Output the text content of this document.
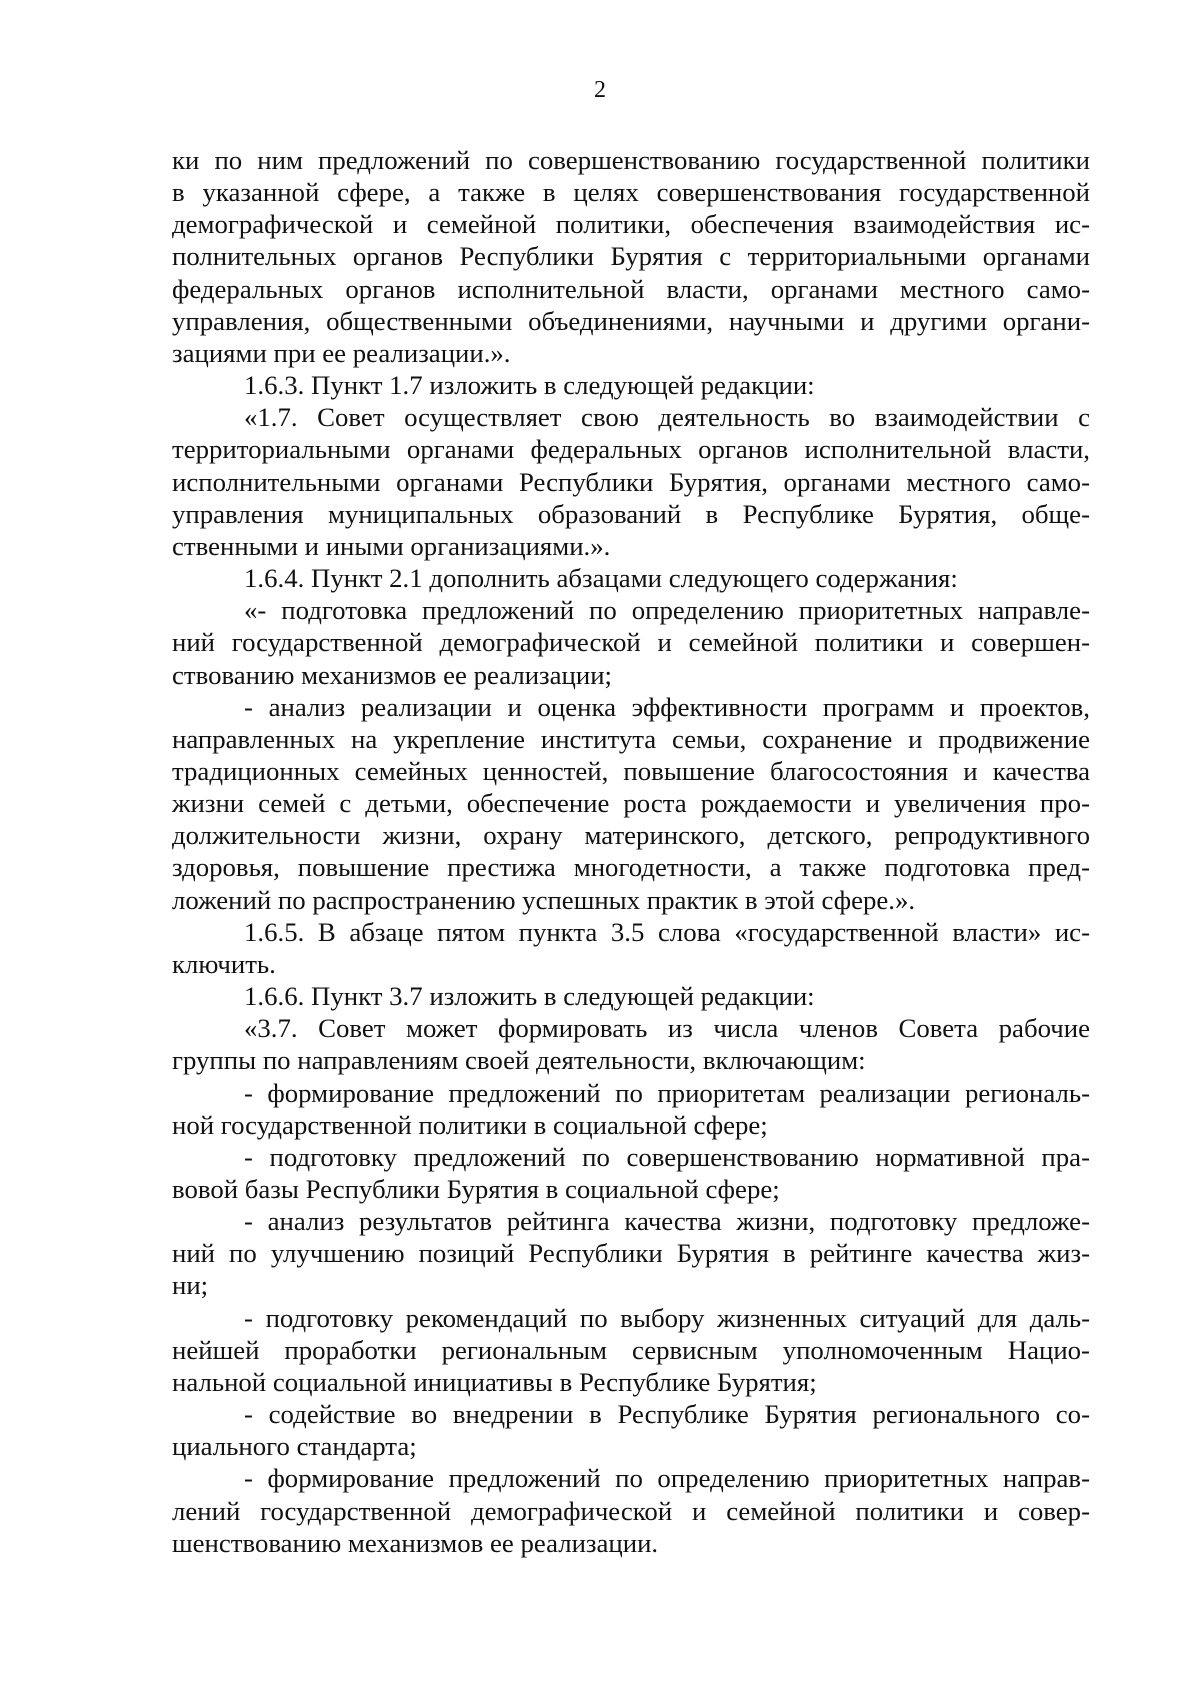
2

ки по ним предложений по совершенствованию государственной политики

в указанной сфере, а также в целях совершенствования государственной

демографической и семейной политики, обеспечения взаимодействия ис-

полнительных органов Республики Бурятия с территориальными органами

федеральных органов исполнительной власти, органами местного само-

управления, общественными объединениями, научными и другими органи-

зациями при ее реализации.».

1.6.3. Пункт 1.7 изложить в следующей редакции:

«1.7. Совет осуществляет свою деятельность во взаимодействии с

территориальными органами федеральных органов исполнительной власти,

исполнительными органами Республики Бурятия, органами местного само-

управления муниципальных образований в Республике Бурятия, обще-

ственными и иными организациями.».

1.6.4. Пункт 2.1 дополнить абзацами следующего содержания:

«- подготовка предложений по определению приоритетных направле-

ний государственной демографической и семейной политики и совершен-

ствованию механизмов ее реализации;

- анализ реализации и оценка эффективности программ и проектов,

направленных на укрепление института семьи, сохранение и продвижение

традиционных семейных ценностей, повышение благосостояния и качества

жизни семей с детьми, обеспечение роста рождаемости и увеличения про-

должительности жизни, охрану материнского, детского, репродуктивного

здоровья, повышение престижа многодетности, а также подготовка пред-

ложений по распространению успешных практик в этой сфере.».

1.6.5. В абзаце пятом пункта 3.5 слова «государственной власти» ис-

ключить.

1.6.6. Пункт 3.7 изложить в следующей редакции:

«3.7. Совет может формировать из числа членов Совета рабочие

группы по направлениям своей деятельности, включающим:

- формирование предложений по приоритетам реализации региональ-

ной государственной политики в социальной сфере;

- подготовку предложений по совершенствованию нормативной пра-

вовой базы Республики Бурятия в социальной сфере;

- анализ результатов рейтинга качества жизни, подготовку предложе-

ний по улучшению позиций Республики Бурятия в рейтинге качества жиз-

ни;

- подготовку рекомендаций по выбору жизненных ситуаций для даль-

нейшей проработки региональным сервисным уполномоченным Нацио-

нальной социальной инициативы в Республике Бурятия;

- содействие во внедрении в Республике Бурятия регионального со-

циального стандарта;

- формирование предложений по определению приоритетных направ-

лений государственной демографической и семейной политики и совер-

шенствованию механизмов ее реализации.
